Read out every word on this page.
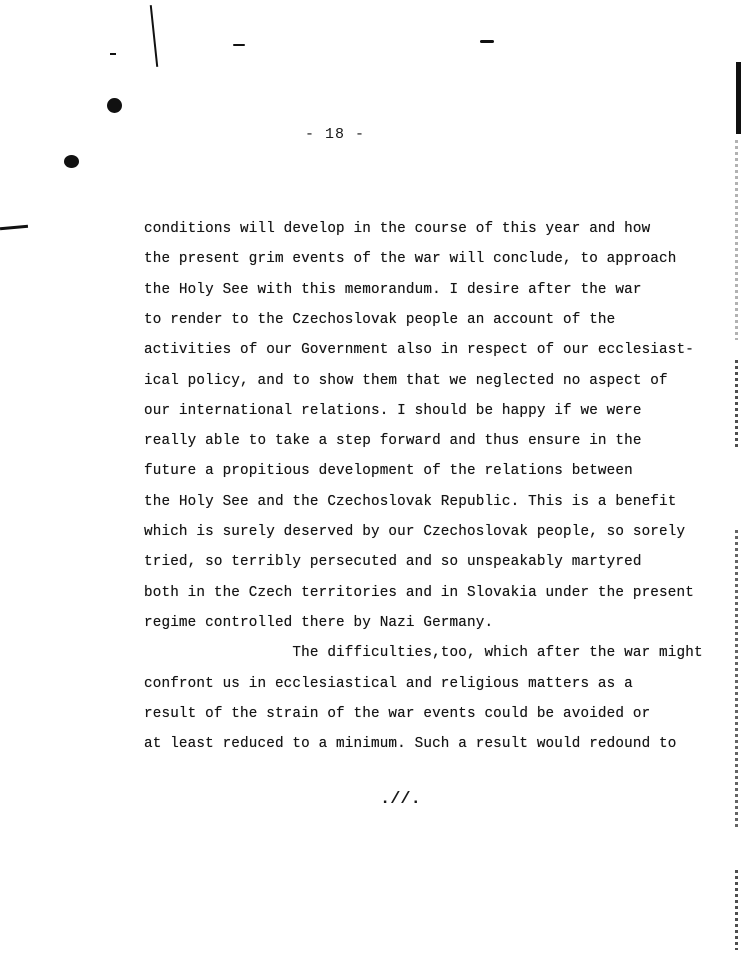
- 18 -
conditions will develop in the course of this year and how
the present grim events of the war will conclude, to approach
the Holy See with this memorandum. I desire after the war
to render to the Czechoslovak people an account of the
activities of our Government also in respect of our ecclesiast-
ical policy, and to show them that we neglected no aspect of
our international relations. I should be happy if we were
really able to take a step forward and thus ensure in the
future a propitious development of the relations between
the Holy See and the Czechoslovak Republic. This is a benefit
which is surely deserved by our Czechoslovak people, so sorely
tried, so terribly persecuted and so unspeakably martyred
both in the Czech territories and in Slovakia under the present
regime controlled there by Nazi Germany.
The difficulties,too, which after the war might
confront us in ecclesiastical and religious matters as a
result of the strain of the war events could be avoided or
at least reduced to a minimum. Such a result would redound to
.//.
